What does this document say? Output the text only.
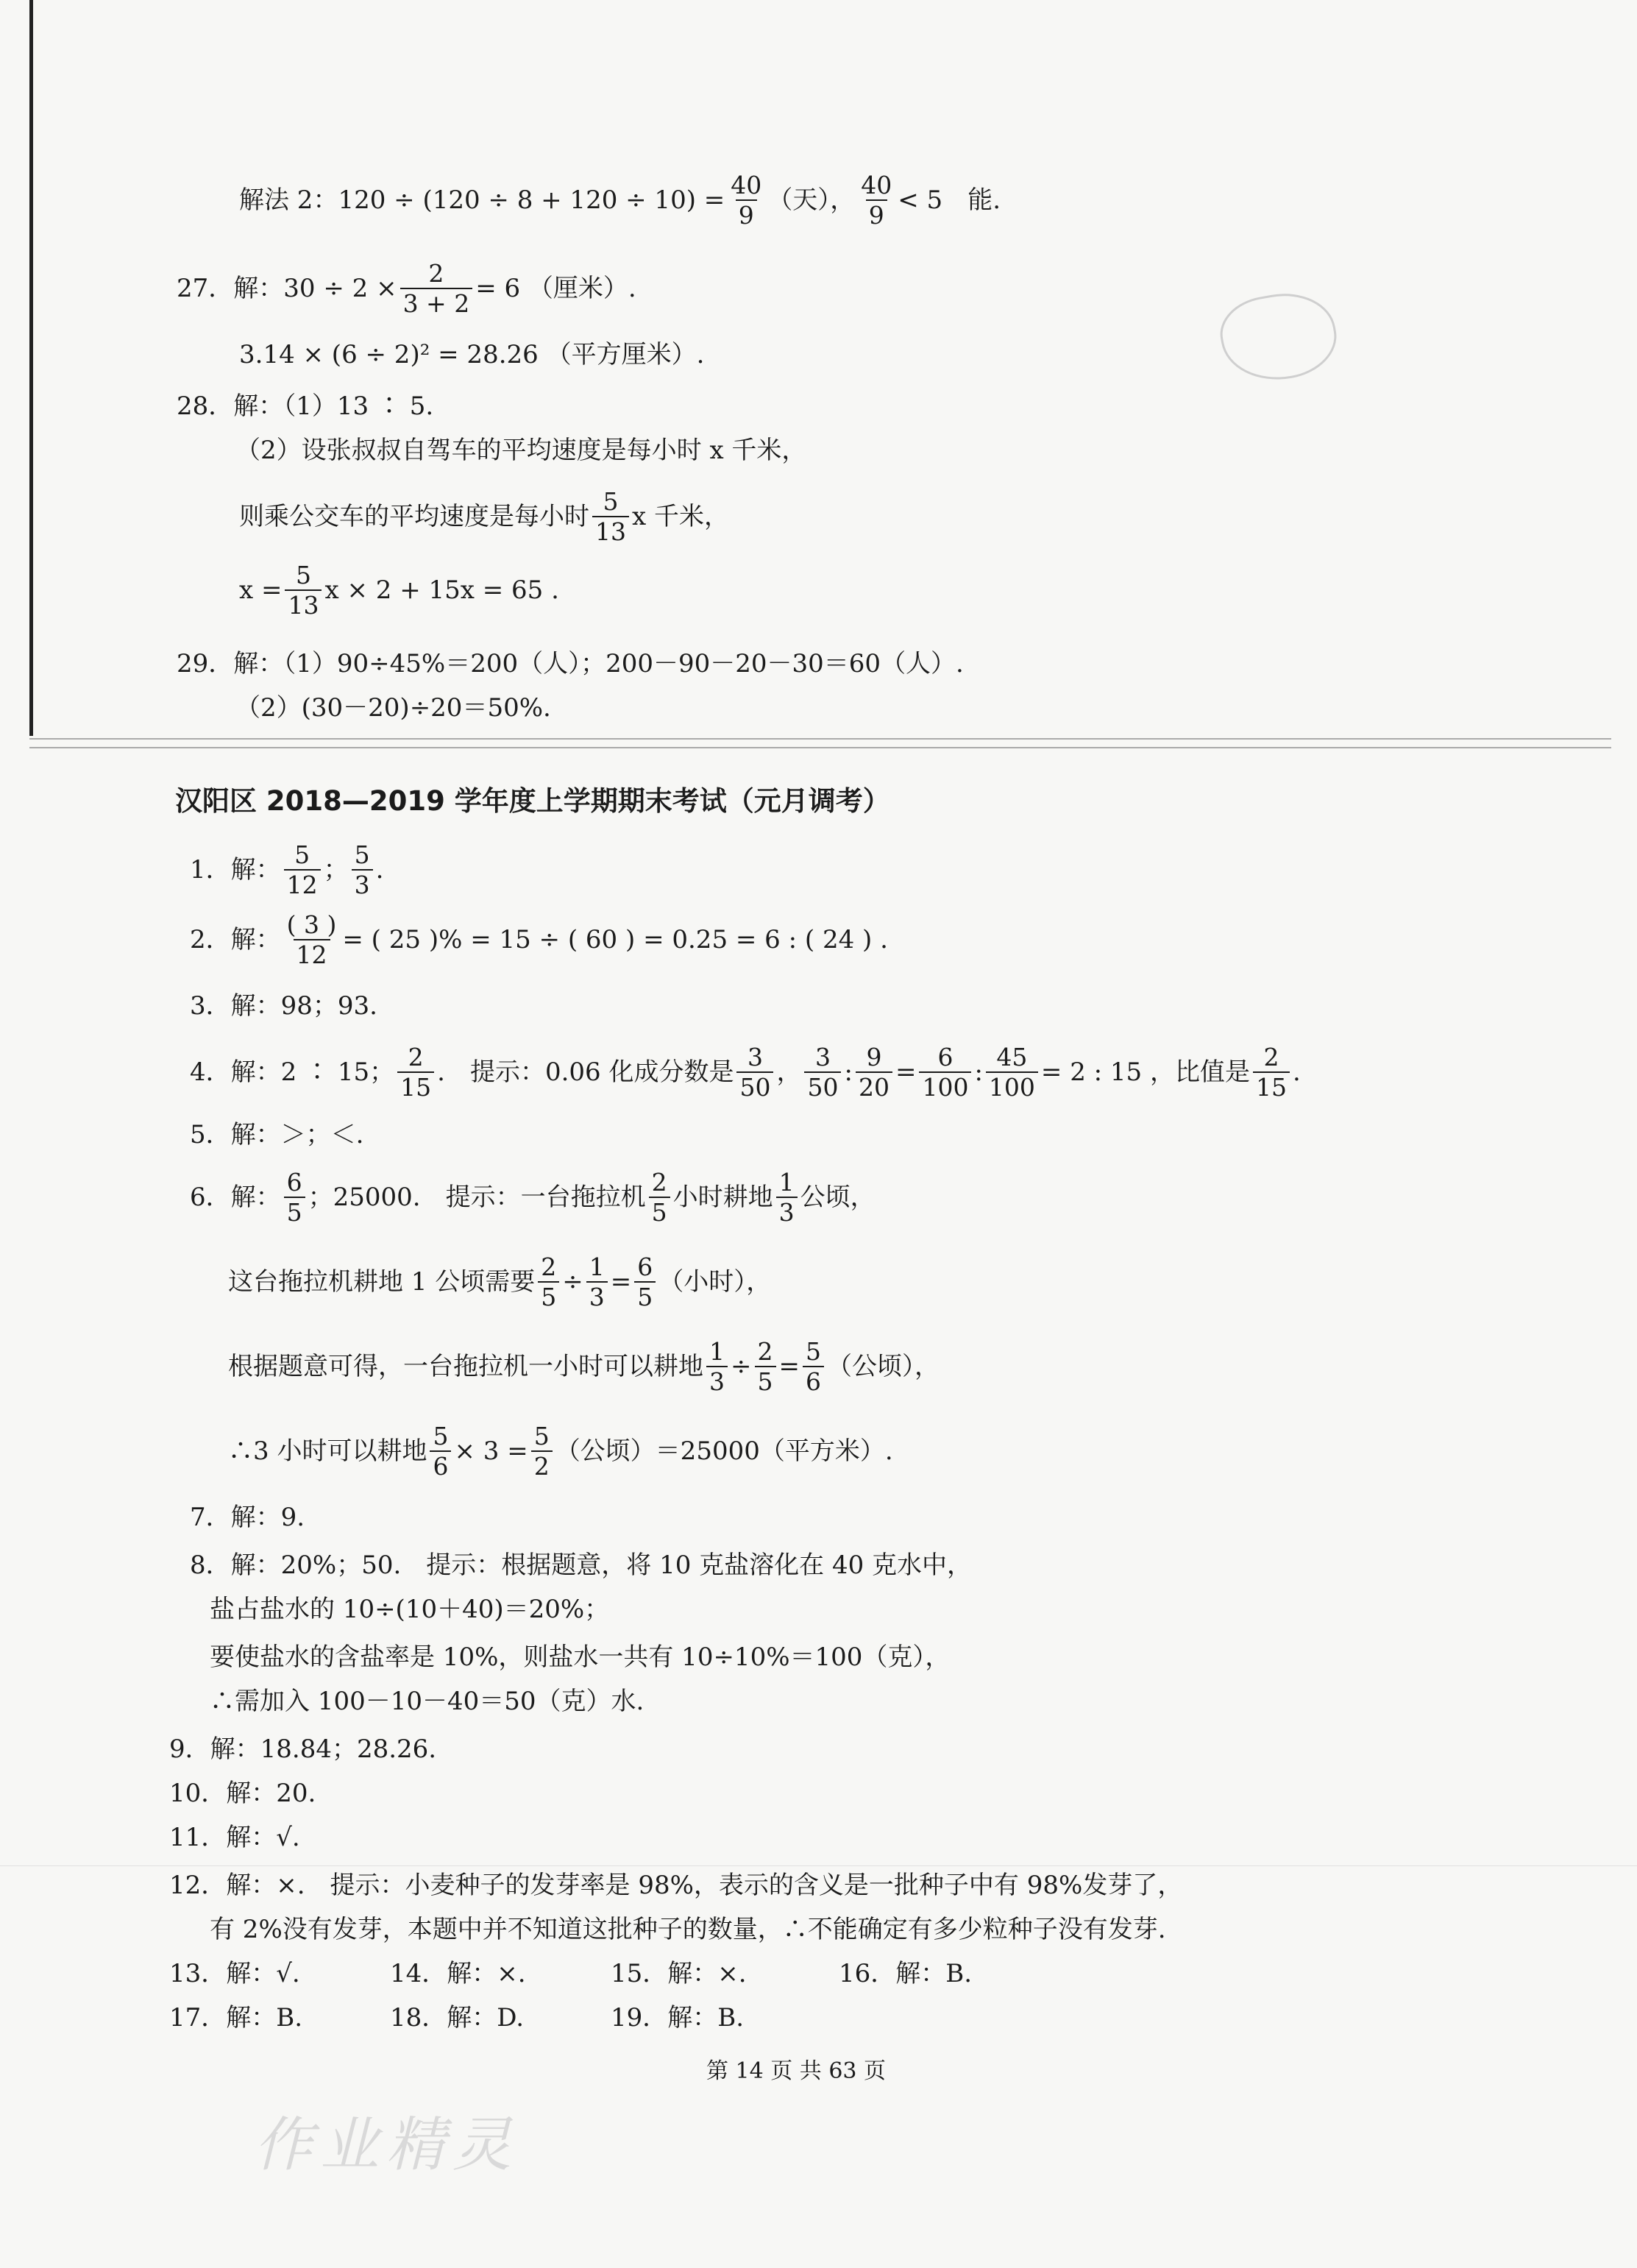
解法 2：$120 \div (120 \div 8 + 120 \div 10) = \frac{40}{9}$ （天）， $\frac{40}{9} < 5$　能.
27．解：$30 \div 2 \times \frac{2}{3 + 2} = 6$ （厘米）.
3.14 × (6 ÷ 2)² = 28.26 （平方厘米）.
28．解：（1）13 ∶ 5.
（2）设张叔叔自驾车的平均速度是每小时 x 千米，
则乘公交车的平均速度是每小时 $\frac{5}{13}$ x 千米，
$x = \frac{5}{13}$ x × 2 + 15x = 65 .
29．解：（1）90÷45%＝200（人）；200－90－20－30＝60（人）.
（2）(30－20)÷20＝50%.
汉阳区 2018—2019 学年度上学期期末考试（元月调考）
1．解： $\frac{5}{12}$ ； $\frac{5}{3}$ .
2．解： $\frac{( 3 )}{12}$ = ( 25 )% = 15 ÷ ( 60 ) = 0.25 = 6 : ( 24 ) .
3．解：98；93.
4．解：2 ∶ 15； $\frac{2}{15}$ .　提示：0.06 化成分数是 $\frac{3}{50}$ ， $\frac{3}{50}$ : $\frac{9}{20} = \frac{6}{100}$ : $\frac{45}{100} = 2$ : 15 ，比值是 $\frac{2}{15}$ .
5．解：＞；＜.
6．解： $\frac{6}{5}$ ；25000.　提示：一台拖拉机 $\frac{2}{5}$ 小时耕地 $\frac{1}{3}$ 公顷，
这台拖拉机耕地 1 公顷需要 $\frac{2}{5} \div \frac{1}{3} = \frac{6}{5}$ （小时），
根据题意可得，一台拖拉机一小时可以耕地 $\frac{1}{3} \div \frac{2}{5} = \frac{5}{6}$ （公顷），
∴3 小时可以耕地 $\frac{5}{6} \times 3 = \frac{5}{2}$ （公顷）＝25000（平方米）.
7．解：9.
8．解：20%；50.　提示：根据题意，将 10 克盐溶化在 40 克水中，
盐占盐水的 10÷(10＋40)＝20%；
要使盐水的含盐率是 10%，则盐水一共有 10÷10%＝100（克），
∴需加入 100－10－40＝50（克）水.
9．解：18.84；28.26.
10．解：20.
11．解：√.
12．解：×.　提示：小麦种子的发芽率是 98%，表示的含义是一批种子中有 98%发芽了，
有 2%没有发芽，本题中并不知道这批种子的数量，∴不能确定有多少粒种子没有发芽.
13．解：√.	14．解：×.	15．解：×.	16．解：B.
17．解：B.	18．解：D.	19．解：B.
第 14 页 共 63 页
作业精灵
